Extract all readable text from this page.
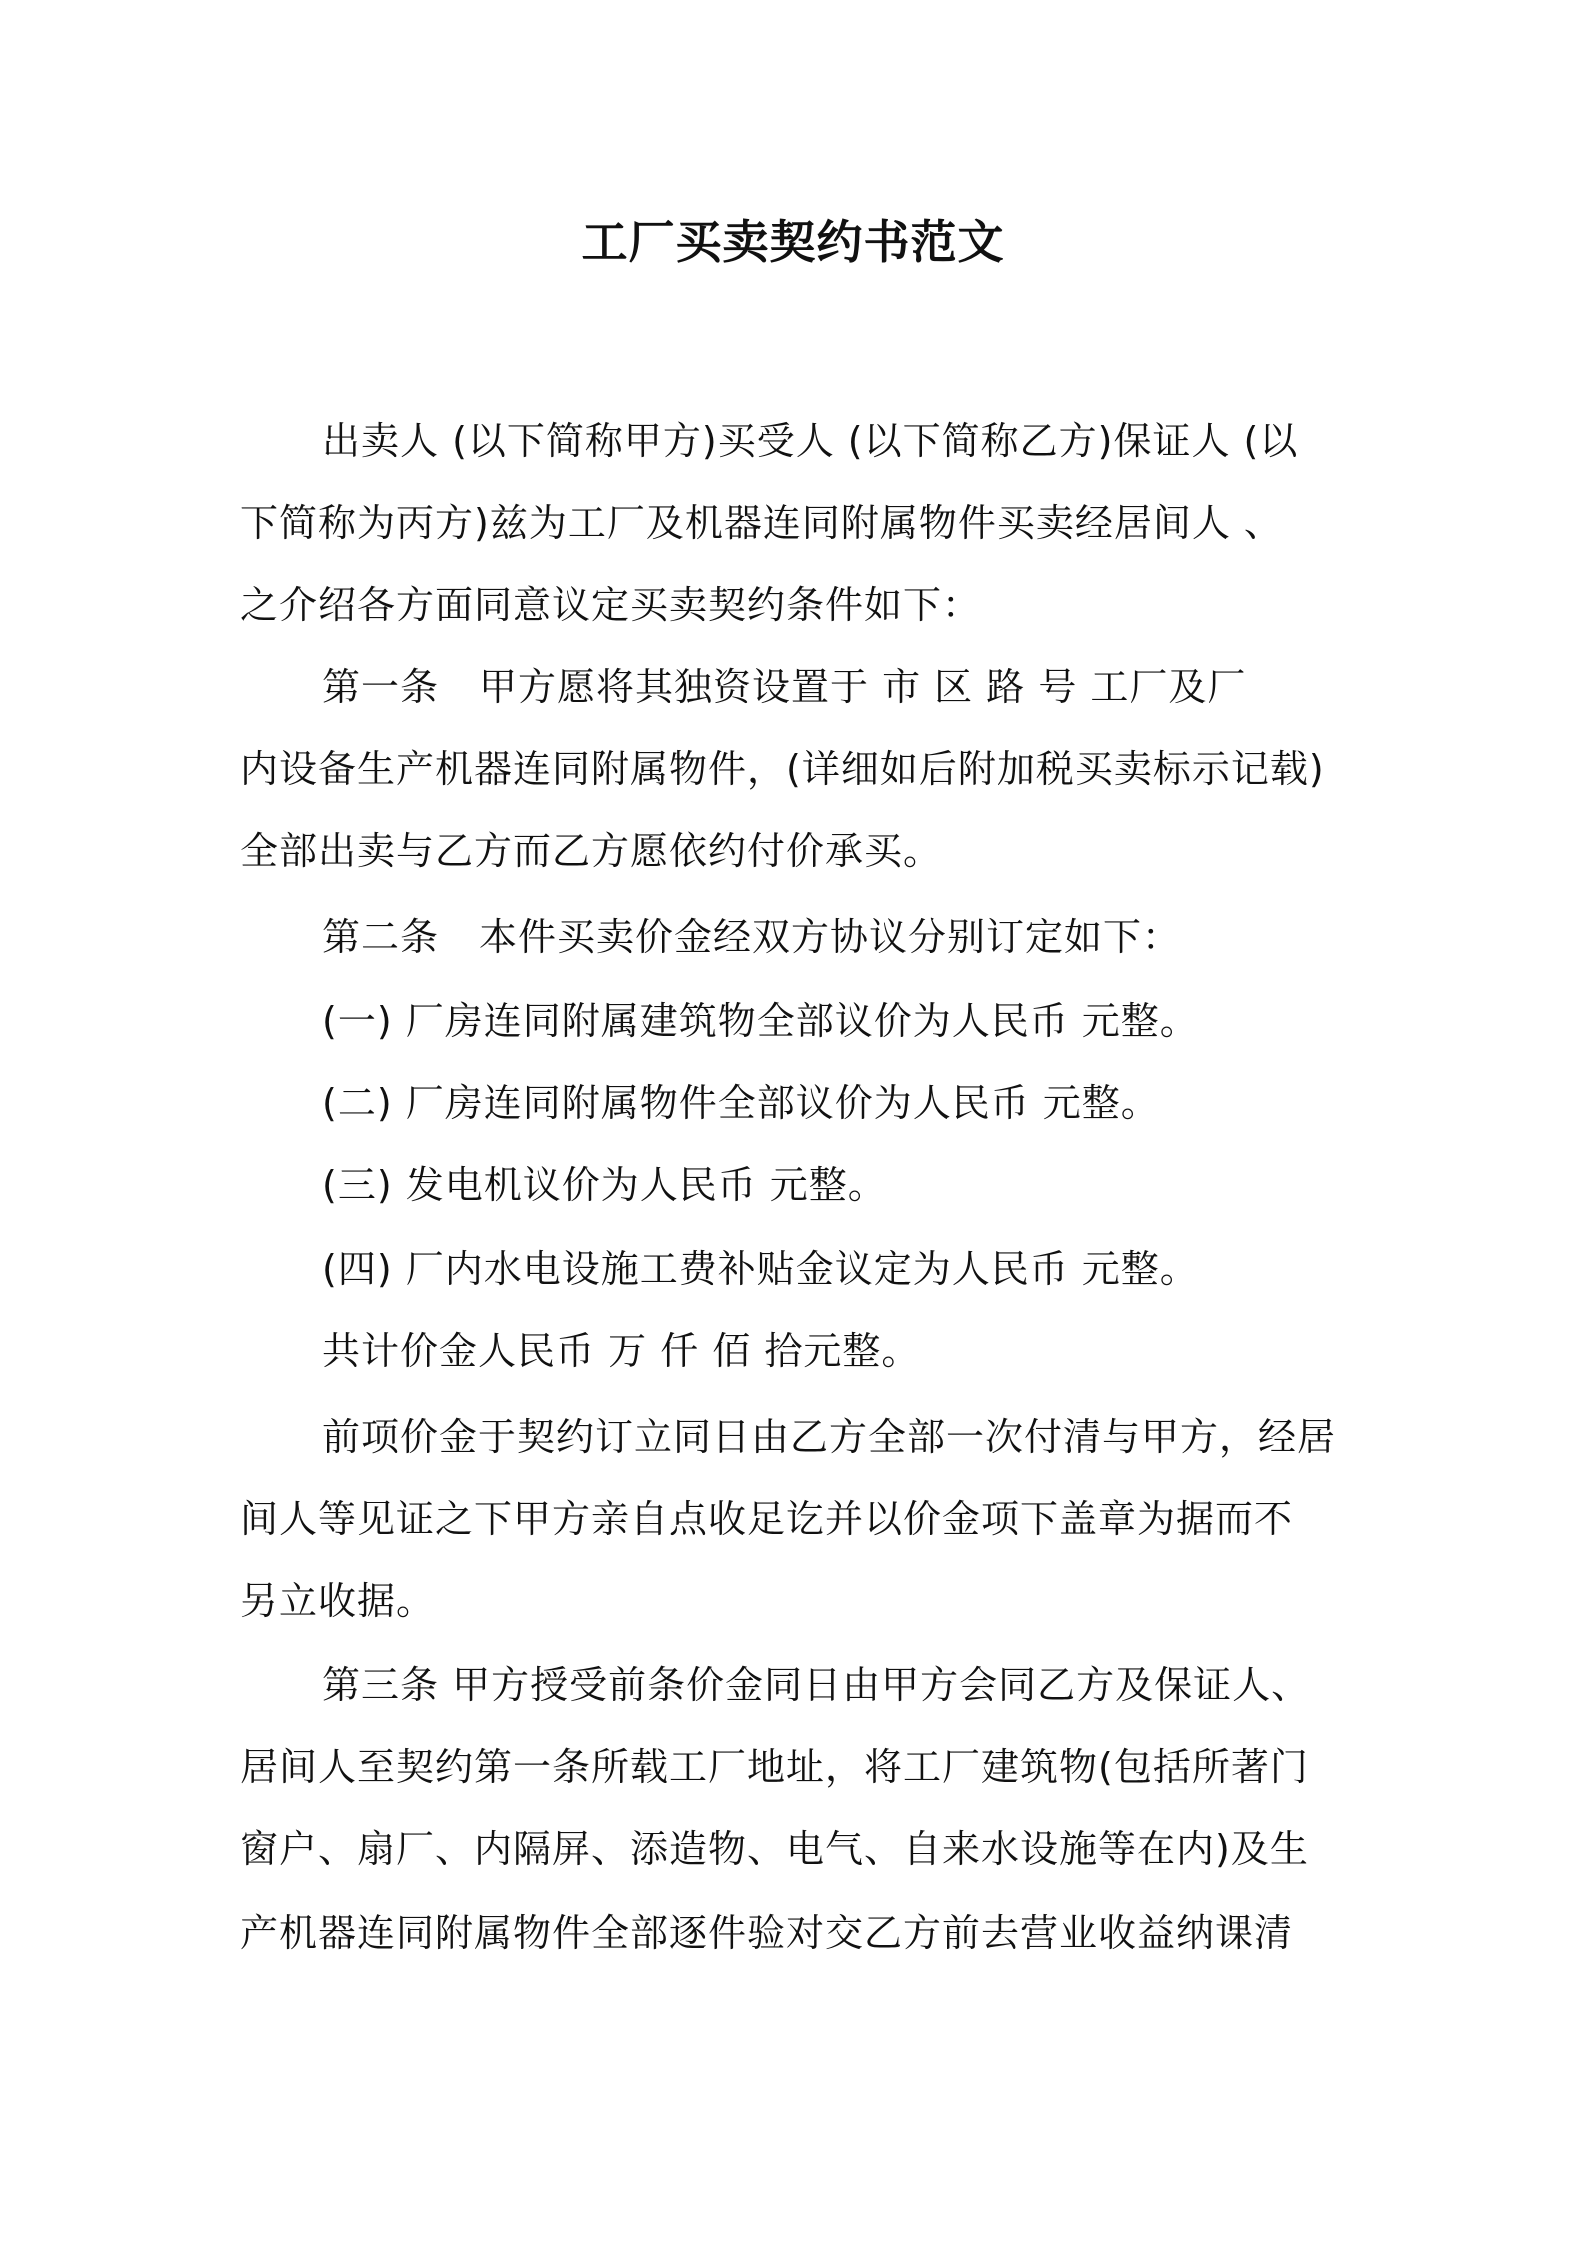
工厂买卖契约书范文
出卖人 (以下简称甲方)买受人 (以下简称乙方)保证人 (以
下简称为丙方)兹为工厂及机器连同附属物件买卖经居间人 、
之介绍各方面同意议定买卖契约条件如下：
第一条 甲方愿将其独资设置于 市 区 路 号 工厂及厂
内设备生产机器连同附属物件，(详细如后附加税买卖标示记载)
全部出卖与乙方而乙方愿依约付价承买。
第二条 本件买卖价金经双方协议分别订定如下：
(一) 厂房连同附属建筑物全部议价为人民币 元整。
(二) 厂房连同附属物件全部议价为人民币 元整。
(三) 发电机议价为人民币 元整。
(四) 厂内水电设施工费补贴金议定为人民币 元整。
共计价金人民币 万 仟 佰 拾元整。
前项价金于契约订立同日由乙方全部一次付清与甲方，经居
间人等见证之下甲方亲自点收足讫并以价金项下盖章为据而不
另立收据。
第三条 甲方授受前条价金同日由甲方会同乙方及保证人、
居间人至契约第一条所载工厂地址，将工厂建筑物(包括所著门
窗户、扇厂、内隔屏、添造物、电气、自来水设施等在内)及生
产机器连同附属物件全部逐件验对交乙方前去营业收益纳课清
